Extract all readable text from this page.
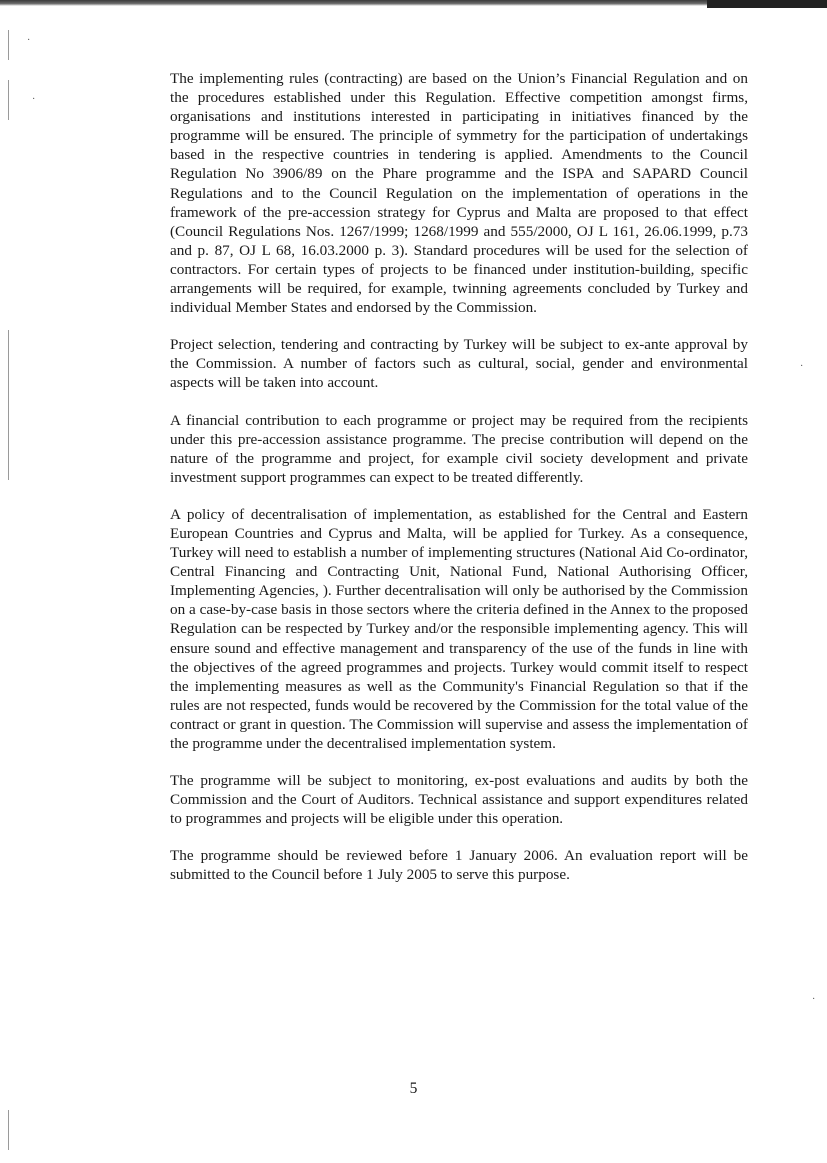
·
·
·
·

The implementing rules (contracting) are based on the Union’s Financial Regulation and on the procedures established under this Regulation. Effective competition amongst firms, organisations and institutions interested in participating in initiatives financed by the programme will be ensured. The principle of symmetry for the participation of undertakings based in the respective countries in tendering is applied. Amendments to the Council Regulation No 3906/89 on the Phare programme and the ISPA and SAPARD Council Regulations and to the Council Regulation on the implementation of operations in the framework of the pre-accession strategy for Cyprus and Malta are proposed to that effect (Council Regulations Nos. 1267/1999; 1268/1999 and 555/2000, OJ L 161, 26.06.1999, p.73 and p. 87, OJ L 68, 16.03.2000 p. 3). Standard procedures will be used for the selection of contractors. For certain types of projects to be financed under institution-building, specific arrangements will be required, for example, twinning agreements concluded by Turkey and individual Member States and endorsed by the Commission.

Project selection, tendering and contracting by Turkey will be subject to ex-ante approval by the Commission. A number of factors such as cultural, social, gender and environmental aspects will be taken into account.

A financial contribution to each programme or project may be required from the recipients under this pre-accession assistance programme. The precise contribution will depend on the nature of the programme and project, for example civil society development and private investment support programmes can expect to be treated differently.

A policy of decentralisation of implementation, as established for the Central and Eastern European Countries and Cyprus and Malta, will be applied for Turkey. As a consequence, Turkey will need to establish a number of implementing structures (National Aid Co-ordinator, Central Financing and Contracting Unit, National Fund, National Authorising Officer, Implementing Agencies, ). Further decentralisation will only be authorised by the Commission on a case-by-case basis in those sectors where the criteria defined in the Annex to the proposed Regulation can be respected by Turkey and/or the responsible implementing agency. This will ensure sound and effective management and transparency of the use of the funds in line with the objectives of the agreed programmes and projects. Turkey would commit itself to respect the implementing measures as well as the Community's Financial Regulation so that if the rules are not respected, funds would be recovered by the Commission for the total value of the contract or grant in question. The Commission will supervise and assess the implementation of the programme under the decentralised implementation system.

The programme will be subject to monitoring, ex-post evaluations and audits by both the Commission and the Court of Auditors. Technical assistance and support expenditures related to programmes and projects will be eligible under this operation.

The programme should be reviewed before 1 January 2006. An evaluation report will be submitted to the Council before 1 July 2005 to serve this purpose.

5
